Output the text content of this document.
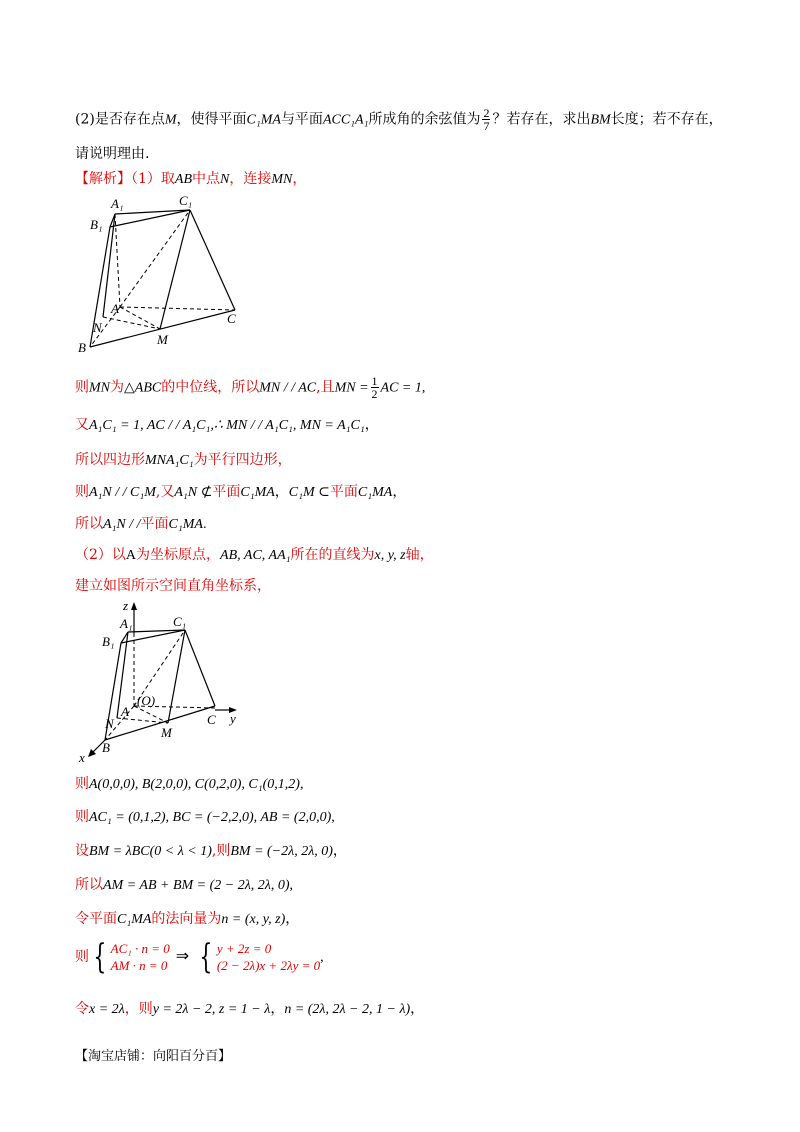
(2)是否存在点M，使得平面C₁MA与平面ACC₁A₁所成角的余弦值为 $\frac{2}{7}$ ？若存在，求出BM长度；若不存在，
请说明理由.
【解析】（1）取AB中点N，连接MN，
A₁	C₁
B₁
A
C
N
M
B
则MN为△ABC的中位线，所以MN / / AC,且MN = $\frac{1}{2}$ AC = 1,
又A₁C₁ = 1, AC / / A₁C₁,∴ MN / / A₁C₁, MN = A₁C₁，
所以四边形MNA₁C₁为平行四边形，
则A₁N / / C₁M,又A₁N ⊄平面C₁MA，C₁M ⊂平面C₁MA，
所以A₁N / /平面C₁MA.
（2）以A为坐标原点，AB, AC, AA₁所在的直线为x, y, z轴，
建立如图所示空间直角坐标系，
z
A₁	C₁
B₁
(O)
A
C y
N
M
B
x
则A(0,0,0), B(2,0,0), C(0,2,0), C₁(0,1,2),
则AC₁ = (0,1,2), BC = (−2,2,0), AB = (2,0,0),
设BM = λBC(0 < λ < 1),则BM = (−2λ, 2λ, 0)，
所以AM = AB + BM = (2 − 2λ, 2λ, 0),
令平面C₁MA的法向量为n = (x, y, z)，
则 { AC₁ · n = 0
AM · n = 0
⇒ { y + 2z = 0
(2 − 2λ)x + 2λy = 0
,
令x = 2λ，则y = 2λ − 2, z = 1 − λ，n = (2λ, 2λ − 2, 1 − λ)，
【淘宝店铺：向阳百分百】
